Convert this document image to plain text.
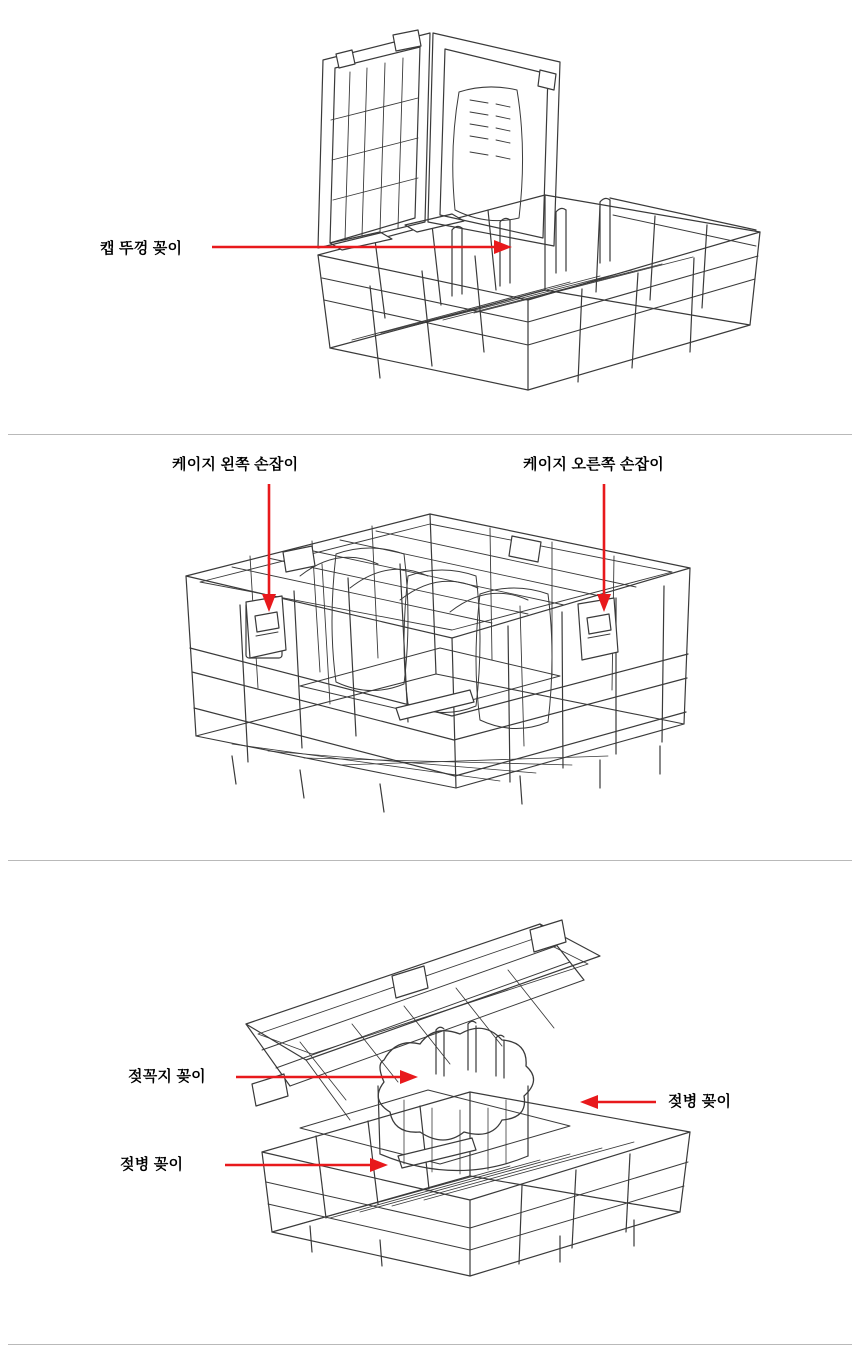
캡 뚜껑 꽂이
케이지 왼쪽 손잡이	케이지 오른쪽 손잡이
젖꼭지 꽂이
젖병 꽂이
젖병 꽂이
